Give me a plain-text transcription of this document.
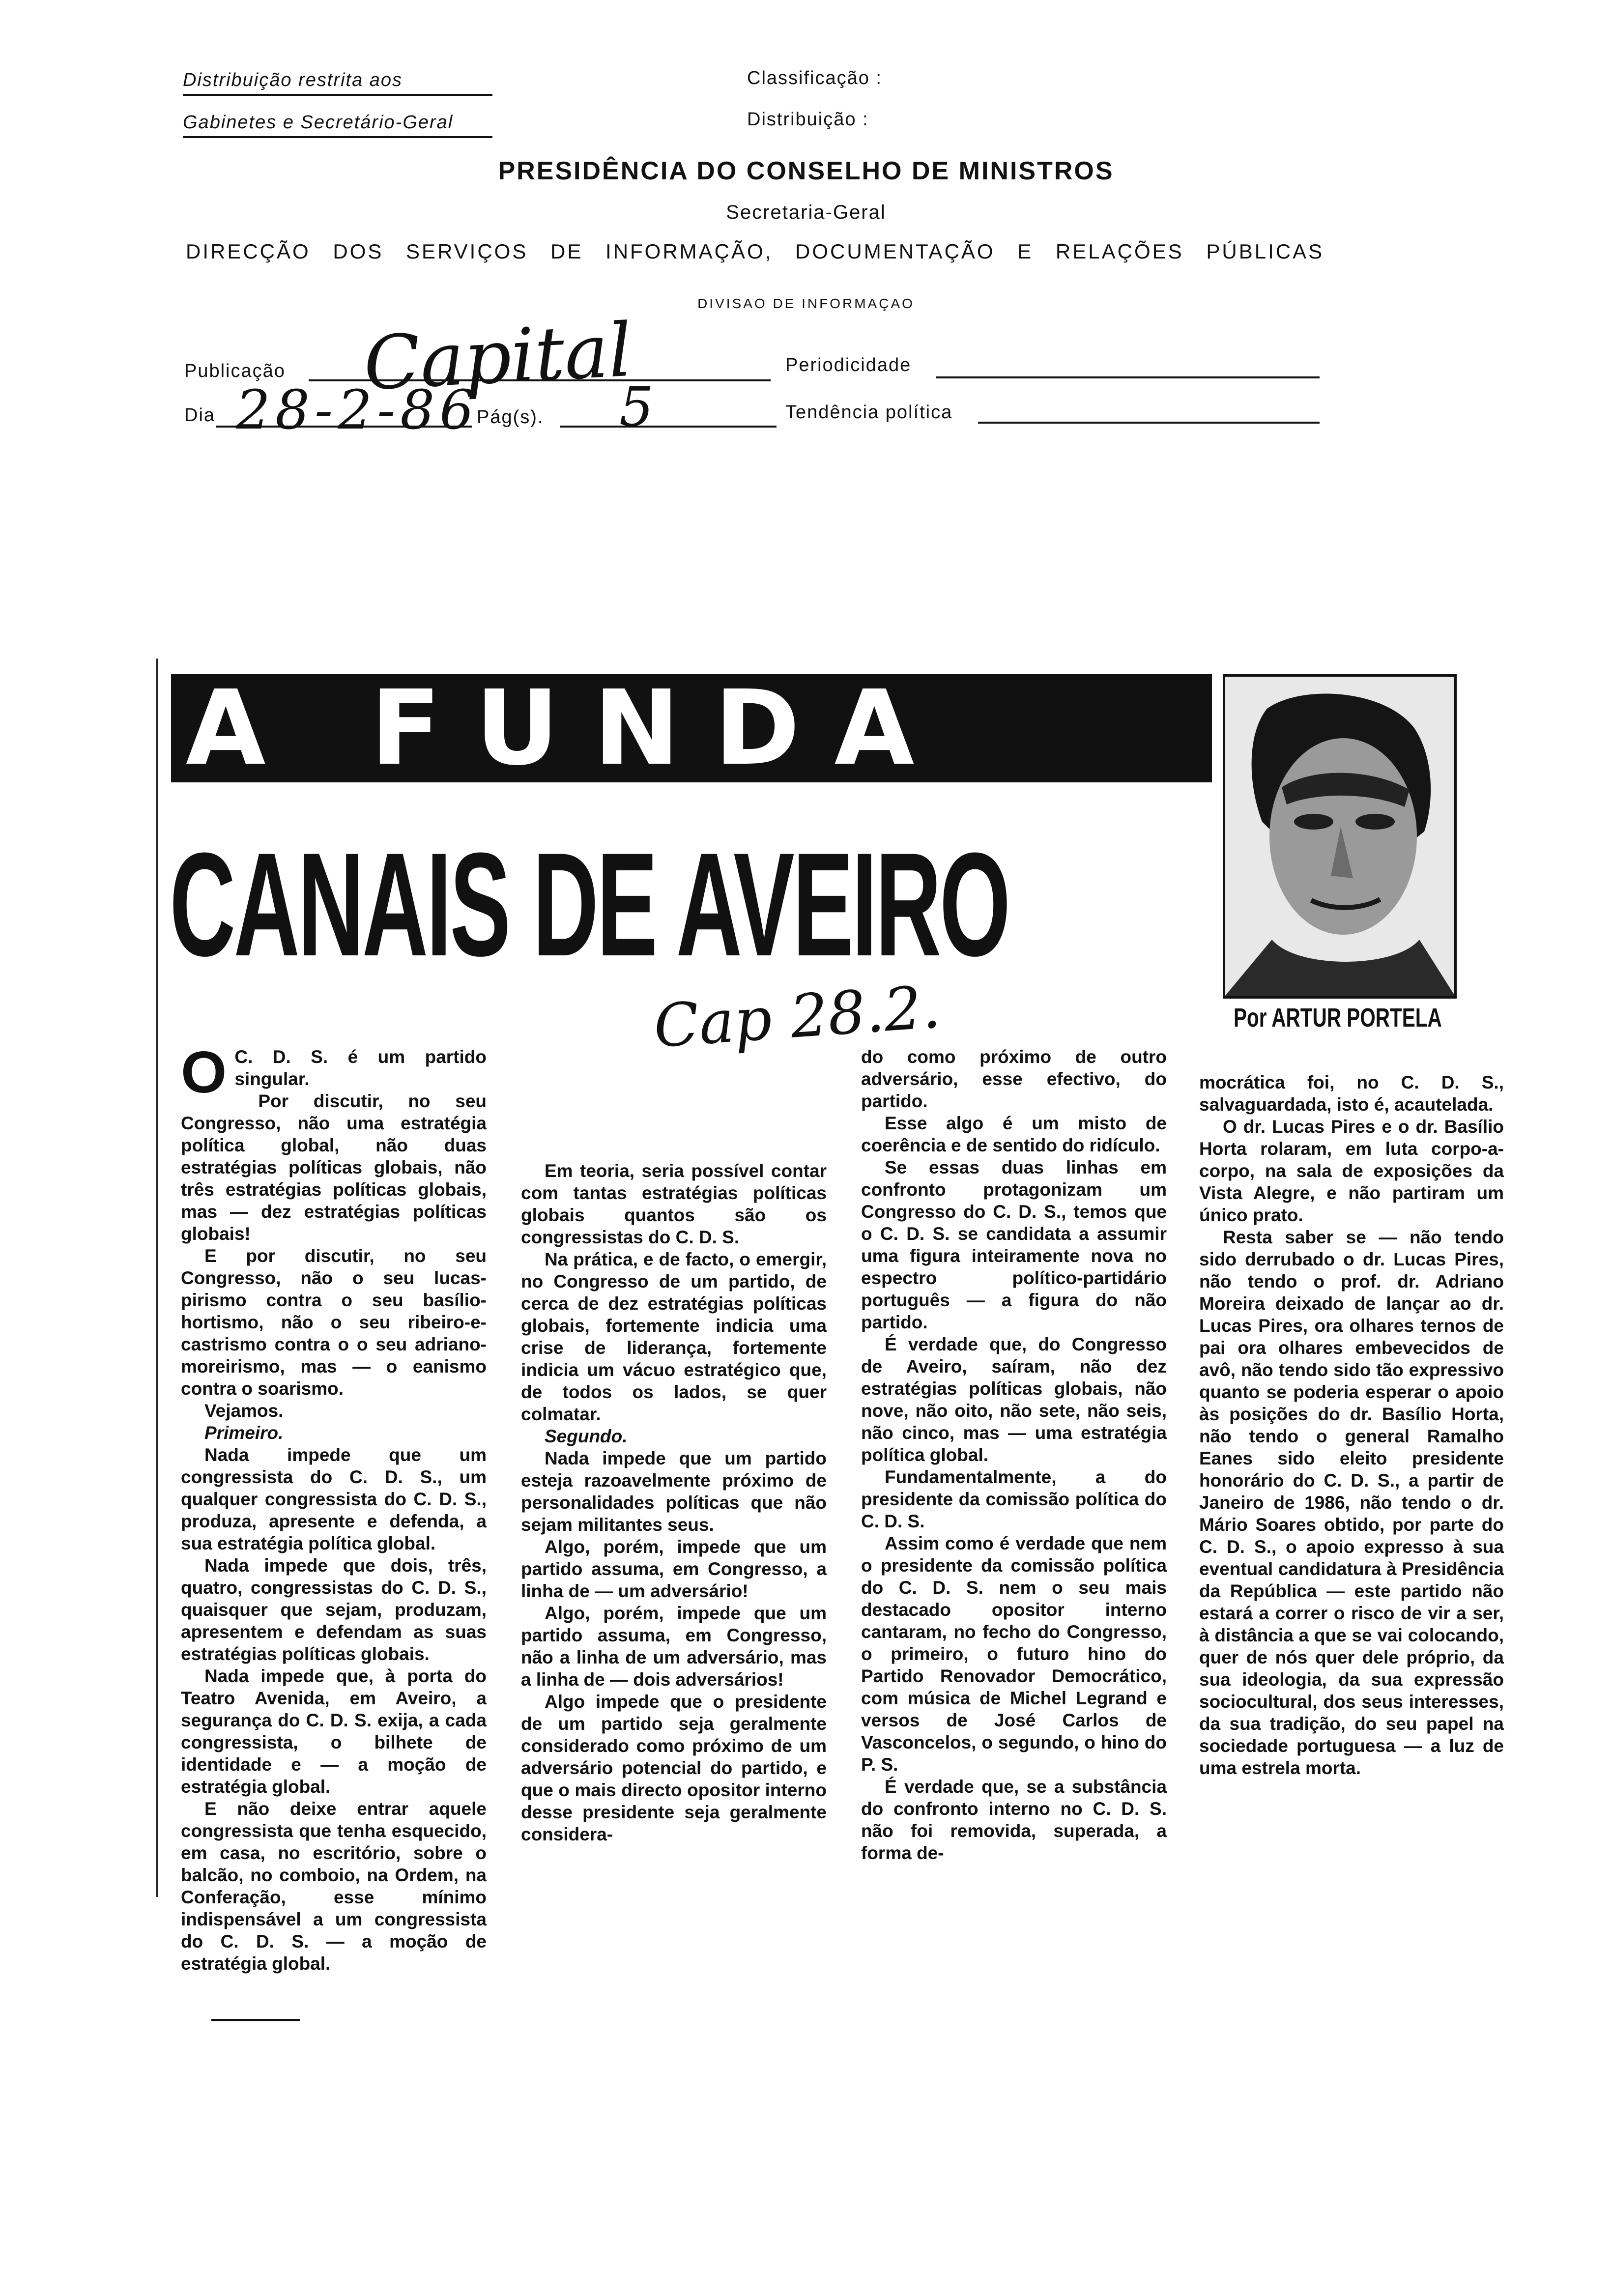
Distribuição restrita aos
Gabinetes e Secretário-Geral
Classificação :
Distribuição :
PRESIDÊNCIA DO CONSELHO DE MINISTROS
Secretaria-Geral
DIRECÇÃO DOS SERVIÇOS DE INFORMAÇÃO, DOCUMENTAÇÃO E RELAÇÕES PÚBLICAS
DIVISAO DE INFORMAÇAO
Publicação Capital	Periodicidade
Dia 28-2-86
Pág(s). 5	Tendência política
A FUNDA
CANAIS DE AVEIRO
Cap 28.2.	Por ARTUR PORTELA
O C. D. S. é um partido singular.

Por discutir, no seu Congresso, não uma estratégia política global, não duas estratégias políticas globais, não três estratégias políticas globais, mas — dez estratégias políticas globais!

E por discutir, no seu Congresso, não o seu lucas-pirismo contra o seu basílio-hortismo, não o seu ribeiro-e-castrismo contra o o seu adriano-moreirismo, mas — o eanismo contra o soarismo.

Vejamos.

Primeiro.

Nada impede que um congressista do C. D. S., um qualquer congressista do C. D. S., produza, apresente e defenda, a sua estratégia política global.

Nada impede que dois, três, quatro, congressistas do C. D. S., quaisquer que sejam, produzam, apresentem e defendam as suas estratégias políticas globais.

Nada impede que, à porta do Teatro Avenida, em Aveiro, a segurança do C. D. S. exija, a cada congressista, o bilhete de identidade e — a moção de estratégia global.

E não deixe entrar aquele congressista que tenha esquecido, em casa, no escritório, sobre o balcão, no comboio, na Ordem, na Conferação, esse mínimo indispensável a um congressista do C. D. S. — a moção de estratégia global.

Em teoria, seria possível contar com tantas estratégias políticas globais quantos são os congressistas do C. D. S.

Na prática, e de facto, o emergir, no Congresso de um partido, de cerca de dez estratégias políticas globais, fortemente indicia uma crise de liderança, fortemente indicia um vácuo estratégico que, de todos os lados, se quer colmatar.

Segundo.

Nada impede que um partido esteja razoavelmente próximo de personalidades políticas que não sejam militantes seus.

Algo, porém, impede que um partido assuma, em Congresso, a linha de — um adversário!

Algo, porém, impede que um partido assuma, em Congresso, não a linha de um adversário, mas a linha de — dois adversários!

Algo impede que o presidente de um partido seja geralmente considerado como próximo de um adversário potencial do partido, e que o mais directo opositor interno desse presidente seja geralmente considera-

do como próximo de outro adversário, esse efectivo, do partido.

Esse algo é um misto de coerência e de sentido do ridículo.

Se essas duas linhas em confronto protagonizam um Congresso do C. D. S., temos que o C. D. S. se candidata a assumir uma figura inteiramente nova no espectro político-partidário português — a figura do não partido.

É verdade que, do Congresso de Aveiro, saíram, não dez estratégias políticas globais, não nove, não oito, não sete, não seis, não cinco, mas — uma estratégia política global.

Fundamentalmente, a do presidente da comissão política do C. D. S.

Assim como é verdade que nem o presidente da comissão política do C. D. S. nem o seu mais destacado opositor interno cantaram, no fecho do Congresso, o primeiro, o futuro hino do Partido Renovador Democrático, com música de Michel Legrand e versos de José Carlos de Vasconcelos, o segundo, o hino do P. S.

É verdade que, se a substância do confronto interno no C. D. S. não foi removida, superada, a forma de-

mocrática foi, no C. D. S., salvaguardada, isto é, acautelada.

O dr. Lucas Pires e o dr. Basílio Horta rolaram, em luta corpo-a-corpo, na sala de exposições da Vista Alegre, e não partiram um único prato.

Resta saber se — não tendo sido derrubado o dr. Lucas Pires, não tendo o prof. dr. Adriano Moreira deixado de lançar ao dr. Lucas Pires, ora olhares ternos de pai ora olhares embevecidos de avô, não tendo sido tão expressivo quanto se poderia esperar o apoio às posições do dr. Basílio Horta, não tendo o general Ramalho Eanes sido eleito presidente honorário do C. D. S., a partir de Janeiro de 1986, não tendo o dr. Mário Soares obtido, por parte do C. D. S., o apoio expresso à sua eventual candidatura à Presidência da República — este partido não estará a correr o risco de vir a ser, à distância a que se vai colocando, quer de nós quer dele próprio, da sua ideologia, da sua expressão sociocultural, dos seus interesses, da sua tradição, do seu papel na sociedade portuguesa — a luz de uma estrela morta.
